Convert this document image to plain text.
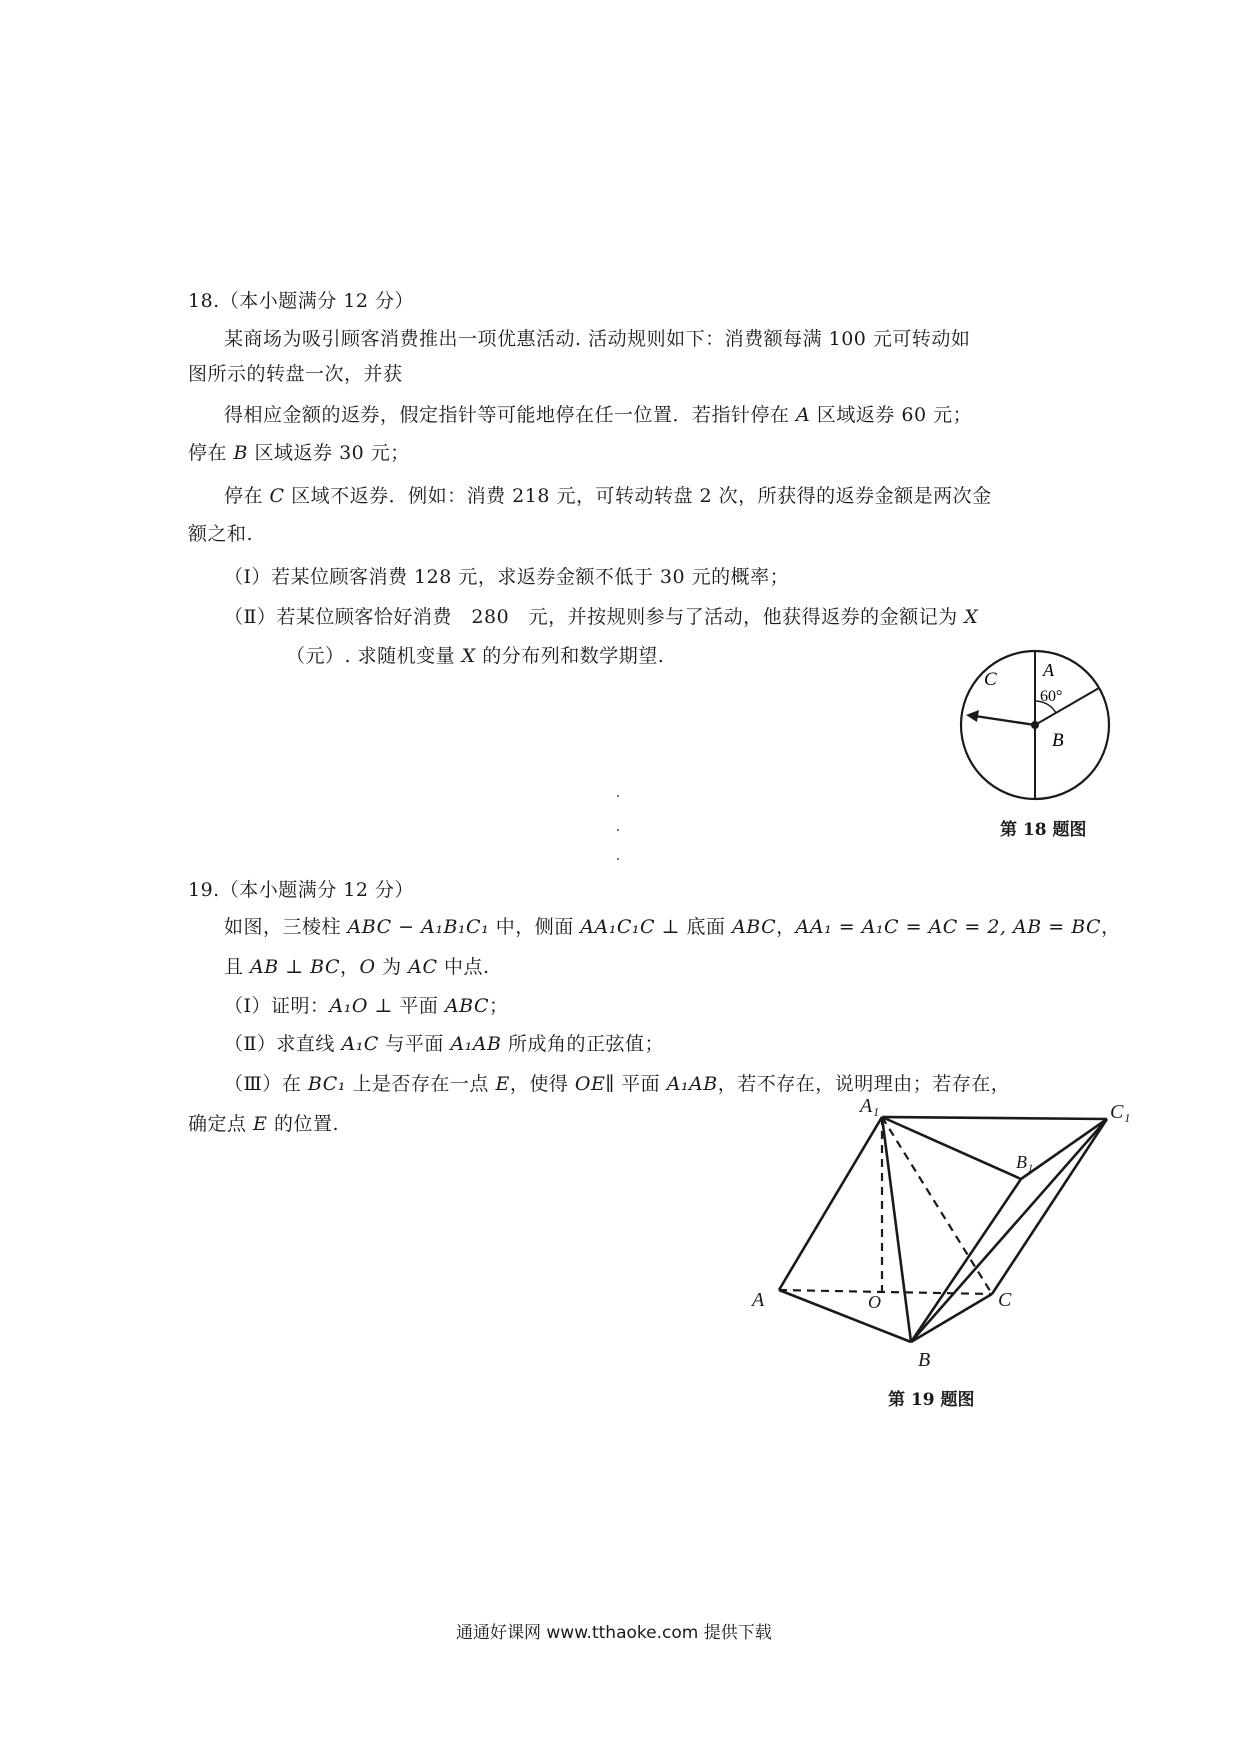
18.（本小题满分 12 分）
某商场为吸引顾客消费推出一项优惠活动. 活动规则如下：消费额每满 100 元可转动如
图所示的转盘一次，并获
得相应金额的返券，假定指针等可能地停在任一位置．若指针停在 A 区域返券 60 元；
停在 B 区域返券 30 元；
停在 C 区域不返券．例如：消费 218 元，可转动转盘 2 次，所获得的返券金额是两次金
额之和.
（Ⅰ）若某位顾客消费 128 元，求返券金额不低于 30 元的概率；
（Ⅱ）若某位顾客恰好消费　280　元，并按规则参与了活动，他获得返券的金额记为 X
（元）. 求随机变量 X 的分布列和数学期望.
A
60°
C
B
第 18 题图
19.（本小题满分 12 分）
如图，三棱柱 ABC − A₁B₁C₁ 中，侧面 AA₁C₁C ⊥ 底面 ABC，AA₁ = A₁C = AC = 2, AB = BC，
且 AB ⊥ BC，O 为 AC 中点.
（Ⅰ）证明：A₁O ⊥ 平面 ABC；
（Ⅱ）求直线 A₁C 与平面 A₁AB 所成角的正弦值；
（Ⅲ）在 BC₁ 上是否存在一点 E，使得 OE∥ 平面 A₁AB，若不存在，说明理由；若存在，
确定点 E 的位置.
A₁	C₁
B₁
A	O	C
B
第 19 题图
通通好课网 www.tthaoke.com 提供下载
